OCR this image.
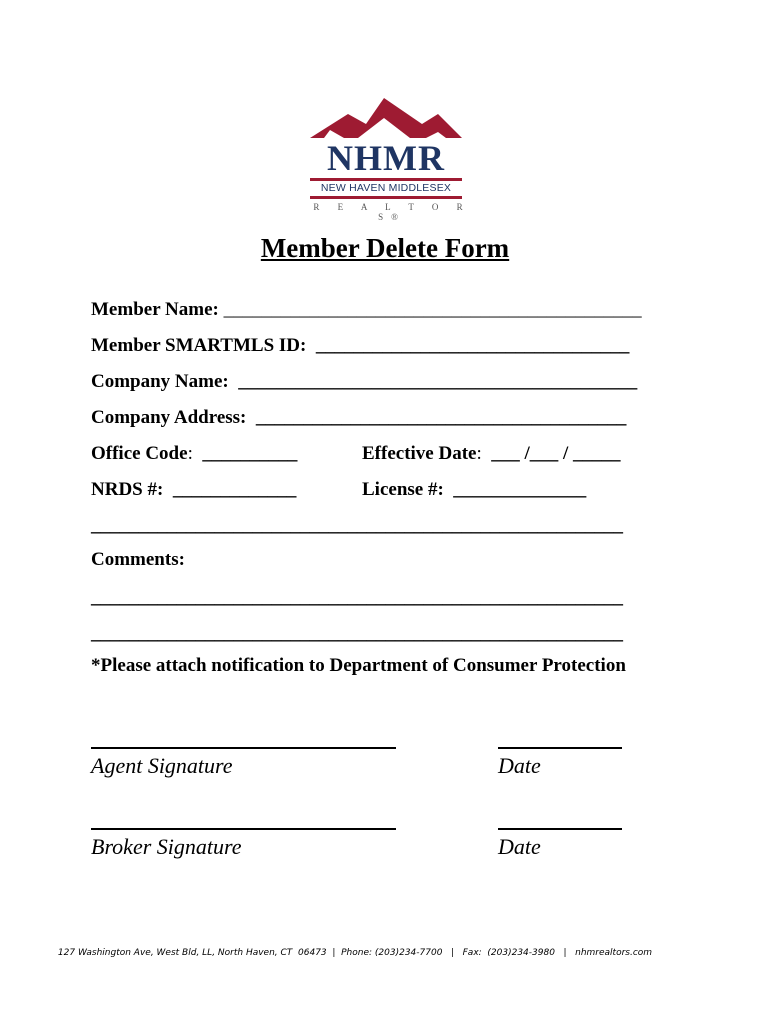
NHMR
NEW HAVEN MIDDLESEX
R E A L T O R S®
Member Delete Form
Member Name: ____________________________________________
Member SMARTMLS ID: _________________________________
Company Name: __________________________________________
Company Address: _______________________________________
Office Code: __________	Effective Date: ___ /___ / _____
NRDS #: _____________	License #: ______________
________________________________________________________
Comments:
________________________________________________________
________________________________________________________
*Please attach notification to Department of Consumer Protection
Agent Signature	Date
Broker Signature	Date
127 Washington Ave, West Bld, LL, North Haven, CT  06473  |  Phone: (203)234-7700   |   Fax:  (203)234-3980   |   nhmrealtors.com
